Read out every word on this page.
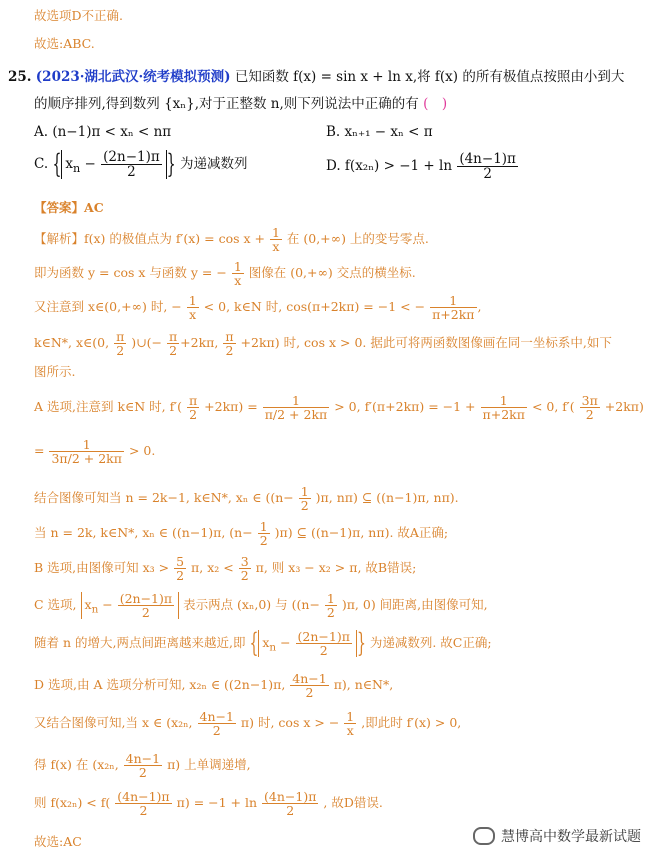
故选项D不正确.
故选:ABC.
25. (2023·湖北武汉·统考模拟预测) 已知函数 f(x) = sin x + ln x,将 f(x) 的所有极值点按照由小到大
的顺序排列,得到数列 {xₙ},对于正整数 n,则下列说法中正确的有 (　)
A. (n−1)π < xₙ < nπ	B. xₙ₊₁ − xₙ < π
C. { $x_n - \frac{(2n-1)\pi}{2}$ } 为递减数列	D. $f(x_{2n}) > -1 + \ln \frac{(4n-1)\pi}{2}$
【答案】AC
【解析】f(x) 的极值点为 $f'(x) = \cos x + \frac{1}{x}$ 在 (0,+∞) 上的变号零点.
即为函数 y = cos x 与函数 y = − $\frac{1}{x}$ 图像在 (0,+∞) 交点的横坐标.
又注意到 x∈(0,+∞) 时, − $\frac{1}{x} < 0$, k∈N 时, cos(π+2kπ) = −1 < − $\frac{1}{\pi+2k\pi}$ ,
k∈N*, x∈(0, $\frac{\pi}{2}$ )∪(− $\frac{\pi}{2} +2k\pi$, $\frac{\pi}{2} +2k\pi$) 时, cos x > 0. 据此可将两函数图像画在同一坐标系中,如下
图所示.
A 选项,注意到 k∈N 时, $f'( \frac{\pi}{2} +2k\pi) = \frac{1}{\pi/2 + 2k\pi} > 0$, $f'(\pi+2k\pi) = -1 + \frac{1}{\pi+2k\pi} < 0$, $f'( \frac{3\pi}{2} +2k\pi)$
= $\frac{1}{3\pi/2 + 2k\pi} > 0$.
结合图像可知当 n = 2k−1, k∈N*, xₙ ∈ ($(n- \frac{1}{2} )\pi$, nπ) ⊆ ((n−1)π, nπ).
当 n = 2k, k∈N*, xₙ ∈ ((n−1)π, $(n- \frac{1}{2} )\pi$) ⊆ ((n−1)π, nπ). 故A正确;
B 选项,由图像可知 $x_3 > \frac{5}{2} \pi$, $x_2 < \frac{3}{2} \pi$, 则 x₃ − x₂ > π, 故B错误;
C 选项, $x_n - \frac{(2n-1)\pi}{2}$ 表示两点 (xₙ,0) 与 ($(n- \frac{1}{2} )\pi$, 0) 间距离,由图像可知,
随着 n 的增大,两点间距离越来越近,即 { $x_n - \frac{(2n-1)\pi}{2}$ } 为递减数列. 故C正确;
D 选项,由 A 选项分析可知, x₂ₙ ∈ ((2n−1)π, $\frac{4n-1}{2} \pi$), n∈N*,
又结合图像可知,当 x ∈ (x₂ₙ, $\frac{4n-1}{2} \pi$) 时, cos x > − $\frac{1}{x}$ ,即此时 f′(x) > 0,
得 f(x) 在 (x₂ₙ, $\frac{4n-1}{2} \pi$) 上单调递增,
则 $f(x_{2n}) < f( \frac{(4n-1)\pi}{2} \pi) = -1 + \ln \frac{(4n-1)\pi}{2}$ , 故D错误.
故选:AC	慧博高中数学最新试题
